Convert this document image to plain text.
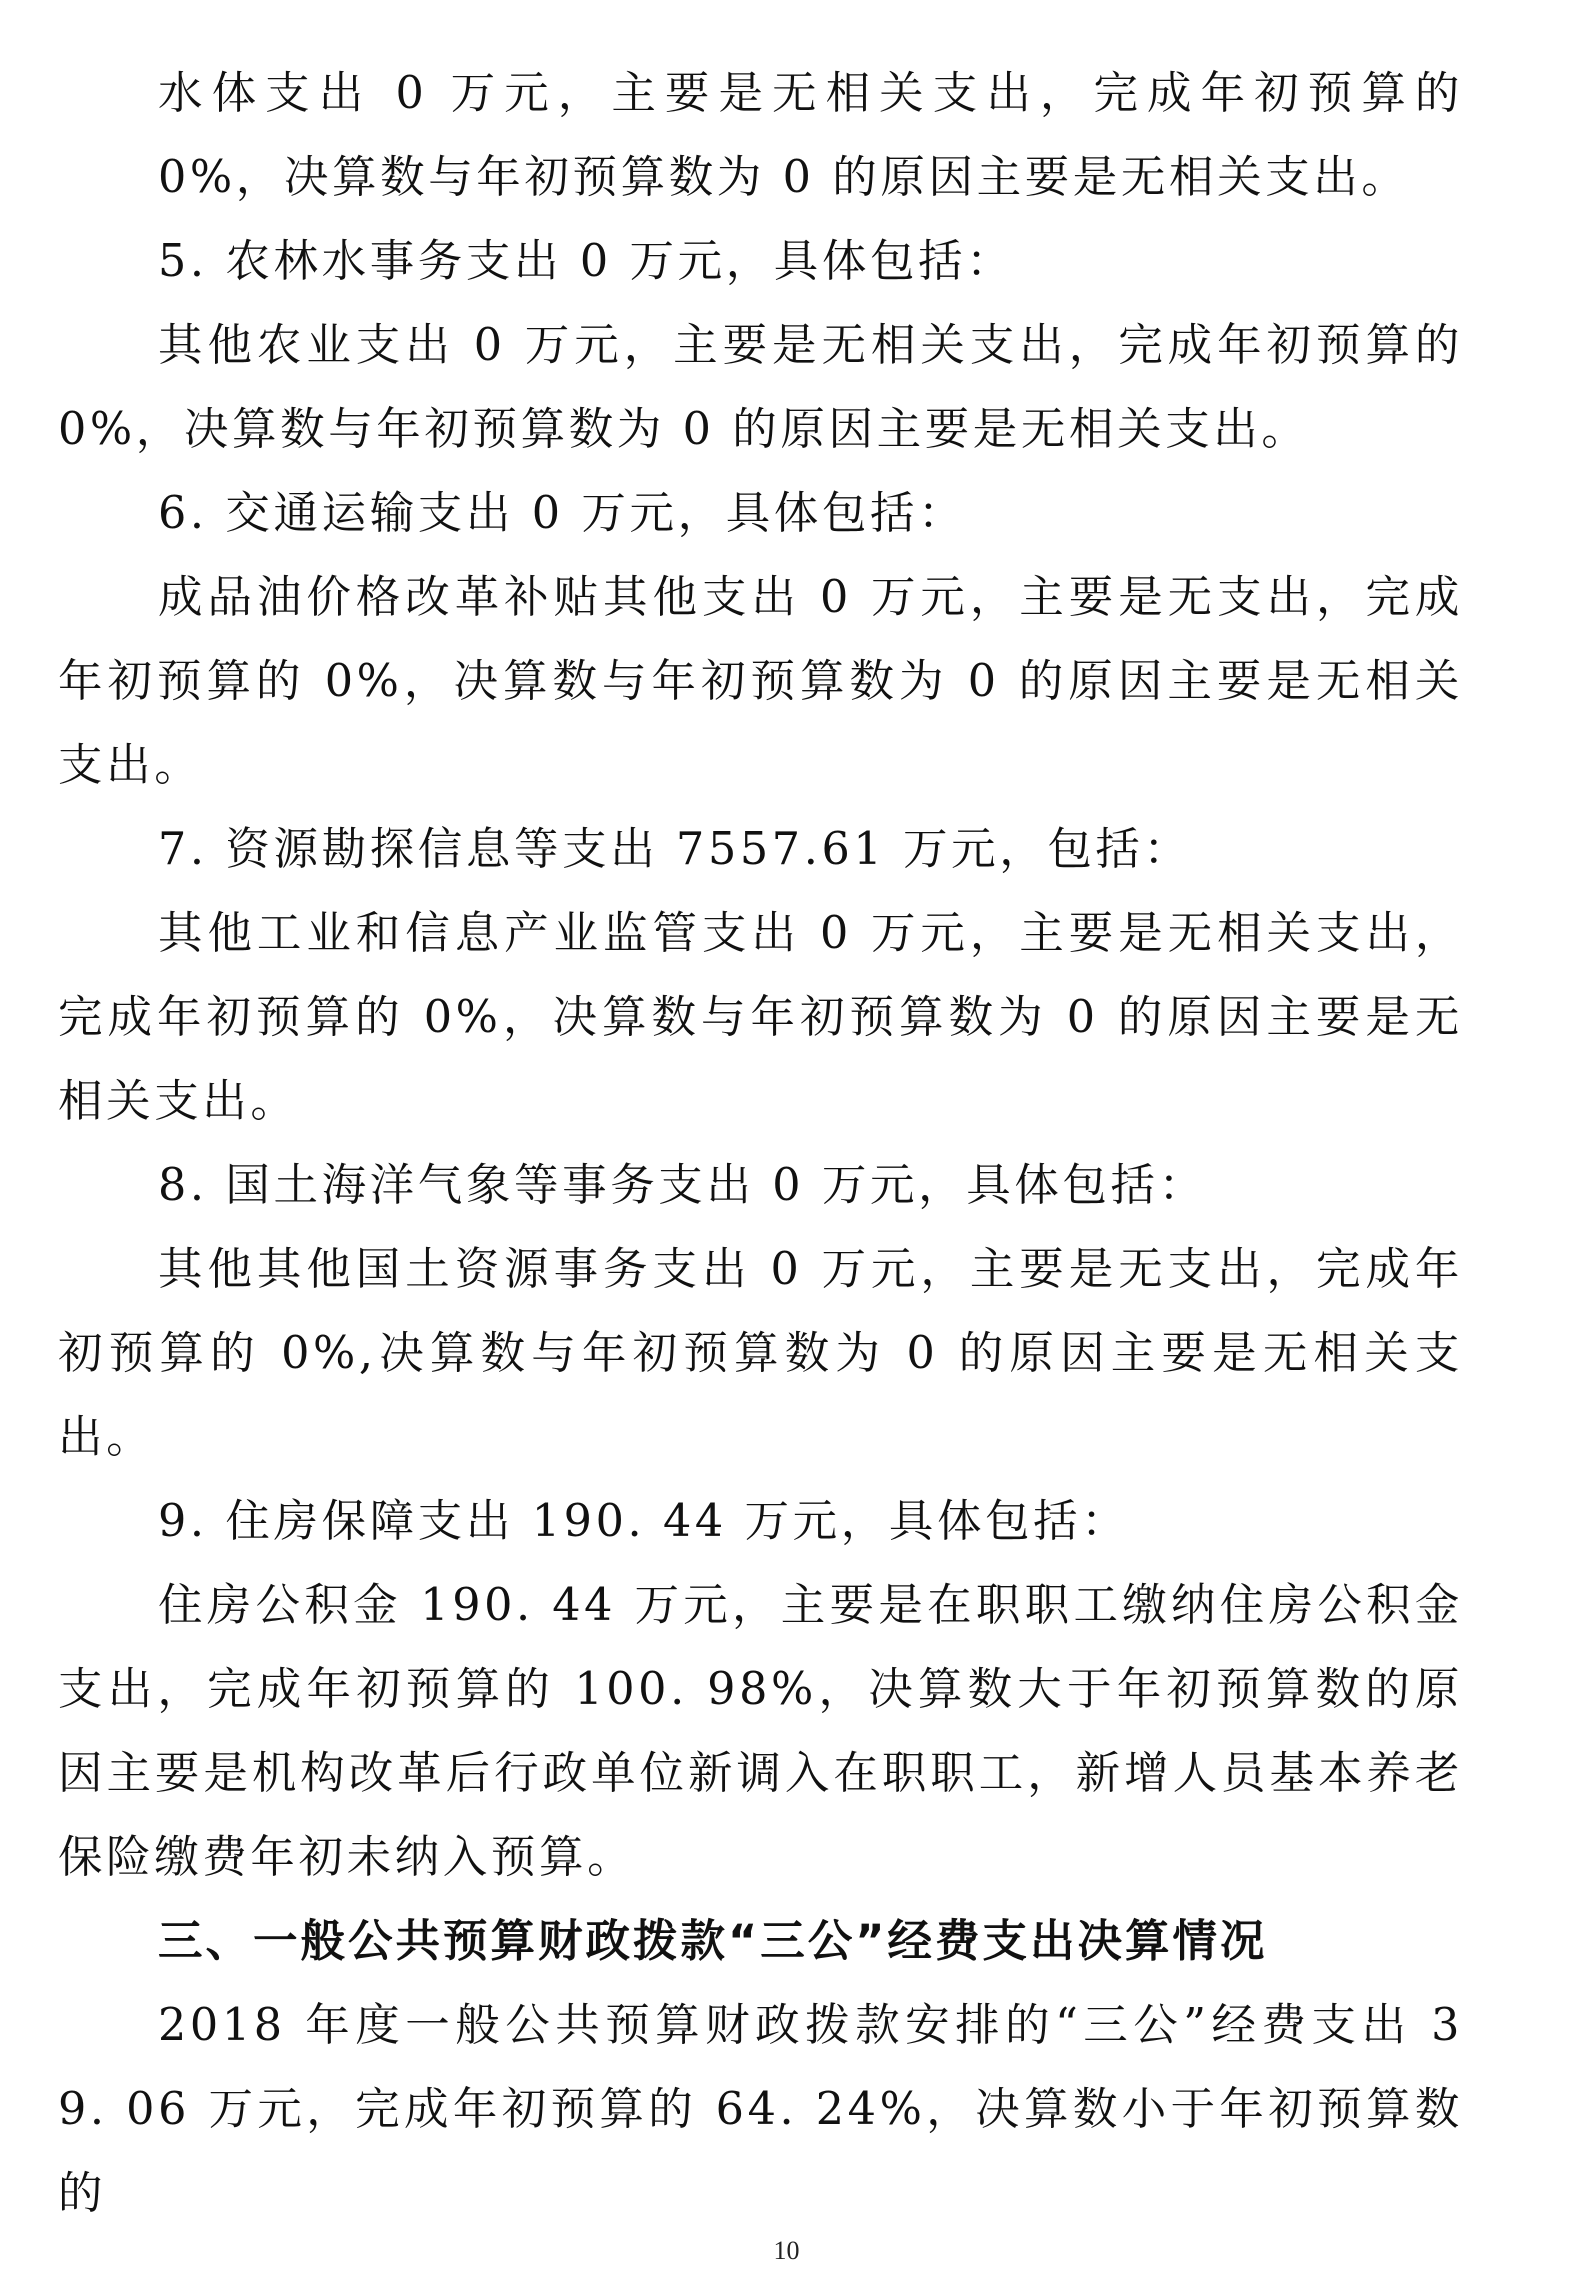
水体支出 0 万元，主要是无相关支出，完成年初预算的 0%，决算数与年初预算数为 0 的原因主要是无相关支出。

5. 农林水事务支出 0 万元，具体包括：

其他农业支出 0 万元，主要是无相关支出，完成年初预算的 0%，决算数与年初预算数为 0 的原因主要是无相关支出。

6. 交通运输支出 0 万元，具体包括：

成品油价格改革补贴其他支出 0 万元，主要是无支出，完成年初预算的 0%，决算数与年初预算数为 0 的原因主要是无相关支出。

7. 资源勘探信息等支出 7557.61 万元，包括：

其他工业和信息产业监管支出 0 万元，主要是无相关支出，完成年初预算的 0%，决算数与年初预算数为 0 的原因主要是无相关支出。

8. 国土海洋气象等事务支出 0 万元，具体包括：

其他其他国土资源事务支出 0 万元，主要是无支出，完成年初预算的 0%,决算数与年初预算数为 0 的原因主要是无相关支出。

9. 住房保障支出 190. 44 万元，具体包括：

住房公积金 190. 44 万元，主要是在职职工缴纳住房公积金支出，完成年初预算的 100. 98%，决算数大于年初预算数的原因主要是机构改革后行政单位新调入在职职工，新增人员基本养老保险缴费年初未纳入预算。

三、一般公共预算财政拨款“三公”经费支出决算情况

2018 年度一般公共预算财政拨款安排的“三公”经费支出 39. 06 万元，完成年初预算的 64. 24%，决算数小于年初预算数的

10
